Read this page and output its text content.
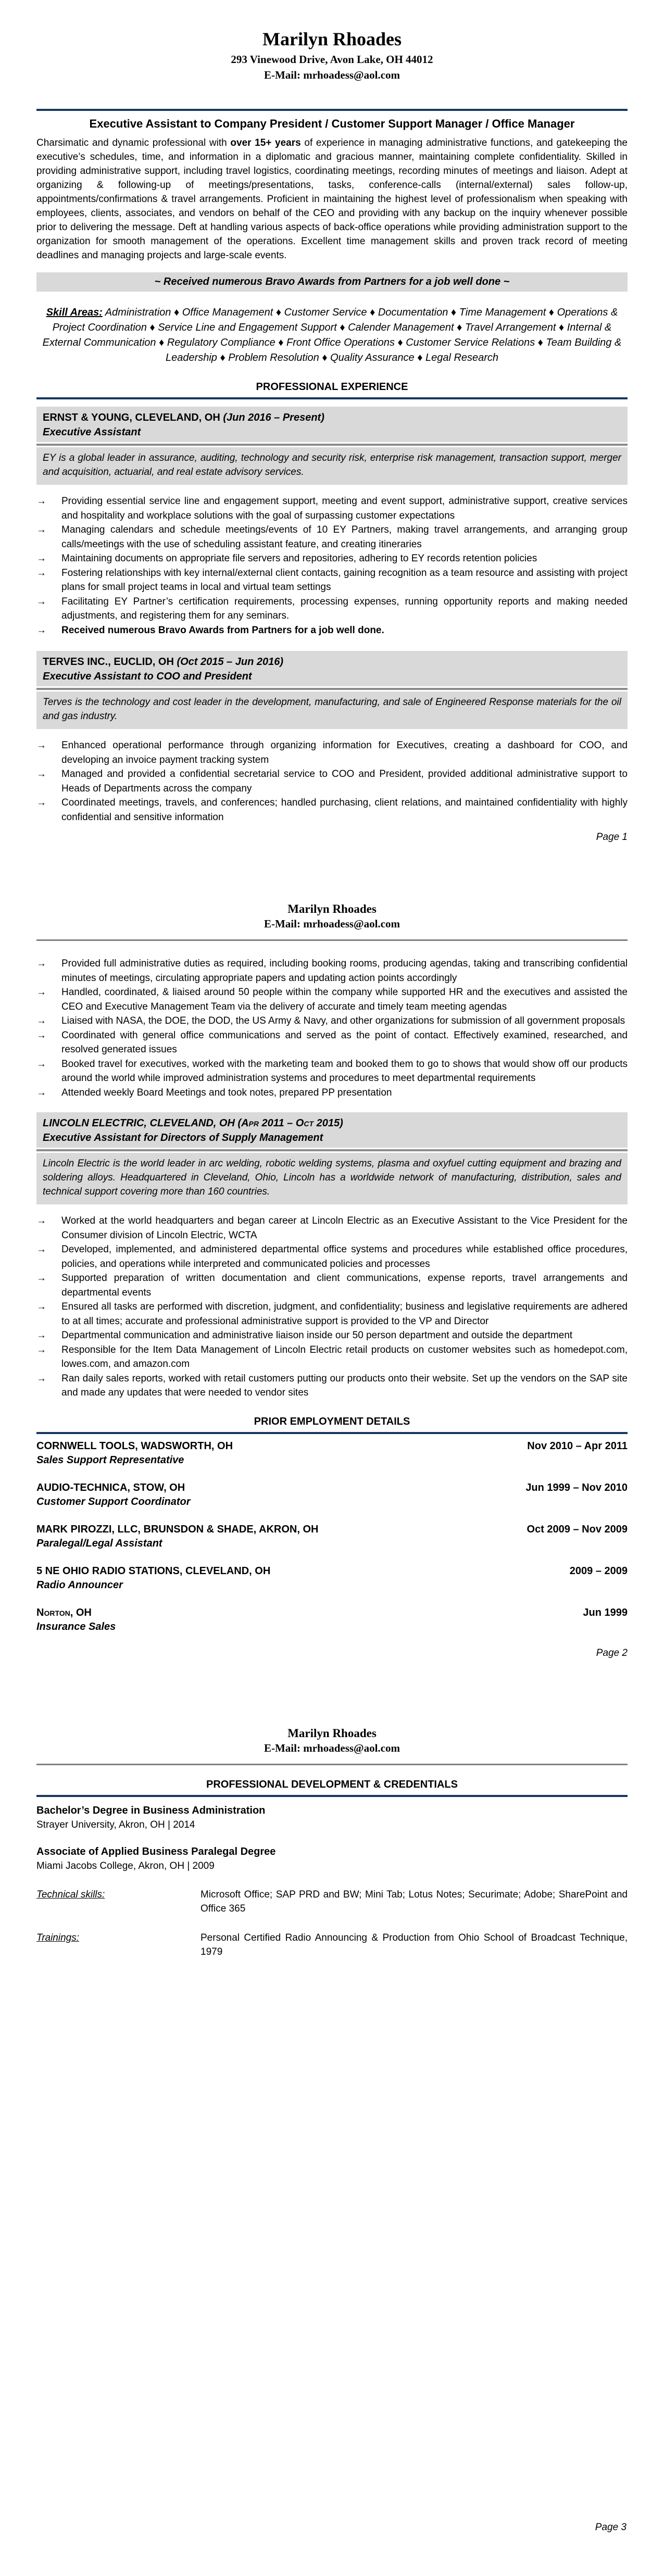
Marilyn Rhoades
293 Vinewood Drive, Avon Lake, OH 44012
E-Mail: mrhoadess@aol.com
Executive Assistant to Company President / Customer Support Manager / Office Manager

Charsimatic and dynamic professional with over 15+ years of experience in managing administrative functions, and gatekeeping the executive’s schedules, time, and information in a diplomatic and gracious manner, maintaining complete confidentiality. Skilled in providing administrative support, including travel logistics, coordinating meetings, recording minutes of meetings and liaison. Adept at organizing & following-up of meetings/presentations, tasks, conference-calls (internal/external) sales follow-up, appointments/confirmations & travel arrangements. Proficient in maintaining the highest level of professionalism when speaking with employees, clients, associates, and vendors on behalf of the CEO and providing with any backup on the inquiry whenever possible prior to delivering the message. Deft at handling various aspects of back-office operations while providing administration support to the organization for smooth management of the operations. Excellent time management skills and proven track record of meeting deadlines and managing projects and large-scale events.

~ Received numerous Bravo Awards from Partners for a job well done ~
Skill Areas: Administration ♦ Office Management ♦ Customer Service ♦ Documentation ♦ Time Management ♦ Operations & Project Coordination ♦ Service Line and Engagement Support ♦ Calender Management ♦ Travel Arrangement ♦ Internal & External Communication ♦ Regulatory Compliance ♦ Front Office Operations ♦ Customer Service Relations ♦ Team Building & Leadership ♦ Problem Resolution ♦ Quality Assurance ♦ Legal Research
PROFESSIONAL EXPERIENCE
ERNST & YOUNG, CLEVELAND, OH (Jun 2016 – Present)
Executive Assistant
EY is a global leader in assurance, auditing, technology and security risk, enterprise risk management, transaction support, merger and acquisition, actuarial, and real estate advisory services.
→	Providing essential service line and engagement support, meeting and event support, administrative support, creative services and hospitality and workplace solutions with the goal of surpassing customer expectations
→	Managing calendars and schedule meetings/events of 10 EY Partners, making travel arrangements, and arranging group calls/meetings with the use of scheduling assistant feature, and creating itineraries
→	Maintaining documents on appropriate file servers and repositories, adhering to EY records retention policies
→	Fostering relationships with key internal/external client contacts, gaining recognition as a team resource and assisting with project plans for small project teams in local and virtual team settings
→	Facilitating EY Partner’s certification requirements, processing expenses, running opportunity reports and making needed adjustments, and registering them for any seminars.
→	Received numerous Bravo Awards from Partners for a job well done.
TERVES INC., EUCLID, OH (Oct 2015 – Jun 2016)
Executive Assistant to COO and President
Terves is the technology and cost leader in the development, manufacturing, and sale of Engineered Response materials for the oil and gas industry.
→	Enhanced operational performance through organizing information for Executives, creating a dashboard for COO, and developing an invoice payment tracking system
→	Managed and provided a confidential secretarial service to COO and President, provided additional administrative support to Heads of Departments across the company
→	Coordinated meetings, travels, and conferences; handled purchasing, client relations, and maintained confidentiality with highly confidential and sensitive information
Page 1
Marilyn Rhoades
E-Mail: mrhoadess@aol.com
→	Provided full administrative duties as required, including booking rooms, producing agendas, taking and transcribing confidential minutes of meetings, circulating appropriate papers and updating action points accordingly
→	Handled, coordinated, & liaised around 50 people within the company while supported HR and the executives and assisted the CEO and Executive Management Team via the delivery of accurate and timely team meeting agendas
→	Liaised with NASA, the DOE, the DOD, the US Army & Navy, and other organizations for submission of all government proposals
→	Coordinated with general office communications and served as the point of contact. Effectively examined, researched, and resolved generated issues
→	Booked travel for executives, worked with the marketing team and booked them to go to shows that would show off our products around the world while improved administration systems and procedures to meet departmental requirements
→	Attended weekly Board Meetings and took notes, prepared PP presentation
LINCOLN ELECTRIC, CLEVELAND, OH (Apr 2011 – Oct 2015)
Executive Assistant for Directors of Supply Management
Lincoln Electric is the world leader in arc welding, robotic welding systems, plasma and oxyfuel cutting equipment and brazing and soldering alloys. Headquartered in Cleveland, Ohio, Lincoln has a worldwide network of manufacturing, distribution, sales and technical support covering more than 160 countries.
→	Worked at the world headquarters and began career at Lincoln Electric as an Executive Assistant to the Vice President for the Consumer division of Lincoln Electric, WCTA
→	Developed, implemented, and administered departmental office systems and procedures while established office procedures, policies, and operations while interpreted and communicated policies and processes
→	Supported preparation of written documentation and client communications, expense reports, travel arrangements and departmental events
→	Ensured all tasks are performed with discretion, judgment, and confidentiality; business and legislative requirements are adhered to at all times; accurate and professional administrative support is provided to the VP and Director
→	Departmental communication and administrative liaison inside our 50 person department and outside the department
→	Responsible for the Item Data Management of Lincoln Electric retail products on customer websites such as homedepot.com, lowes.com, and amazon.com
→	Ran daily sales reports, worked with retail customers putting our products onto their website. Set up the vendors on the SAP site and made any updates that were needed to vendor sites
PRIOR EMPLOYMENT DETAILS
CORNWELL TOOLS, WADSWORTH, OH	Nov 2010 – Apr 2011
Sales Support Representative
AUDIO-TECHNICA, STOW, OH	Jun 1999 – Nov 2010
Customer Support Coordinator
MARK PIROZZI, LLC, BRUNSDON & SHADE, AKRON, OH	Oct 2009 – Nov 2009
Paralegal/Legal Assistant
5 NE OHIO RADIO STATIONS, CLEVELAND, OH	2009 – 2009
Radio Announcer
Norton, OH	Jun 1999
Insurance Sales
Page 2
Marilyn Rhoades
E-Mail: mrhoadess@aol.com
PROFESSIONAL DEVELOPMENT & CREDENTIALS
Bachelor’s Degree in Business Administration
Strayer University, Akron, OH | 2014
Associate of Applied Business Paralegal Degree
Miami Jacobs College, Akron, OH | 2009
Technical skills:	Microsoft Office; SAP PRD and BW; Mini Tab; Lotus Notes; Securimate; Adobe; SharePoint and Office 365
Trainings:	Personal Certified Radio Announcing & Production from Ohio School of Broadcast Technique, 1979
Page 3
